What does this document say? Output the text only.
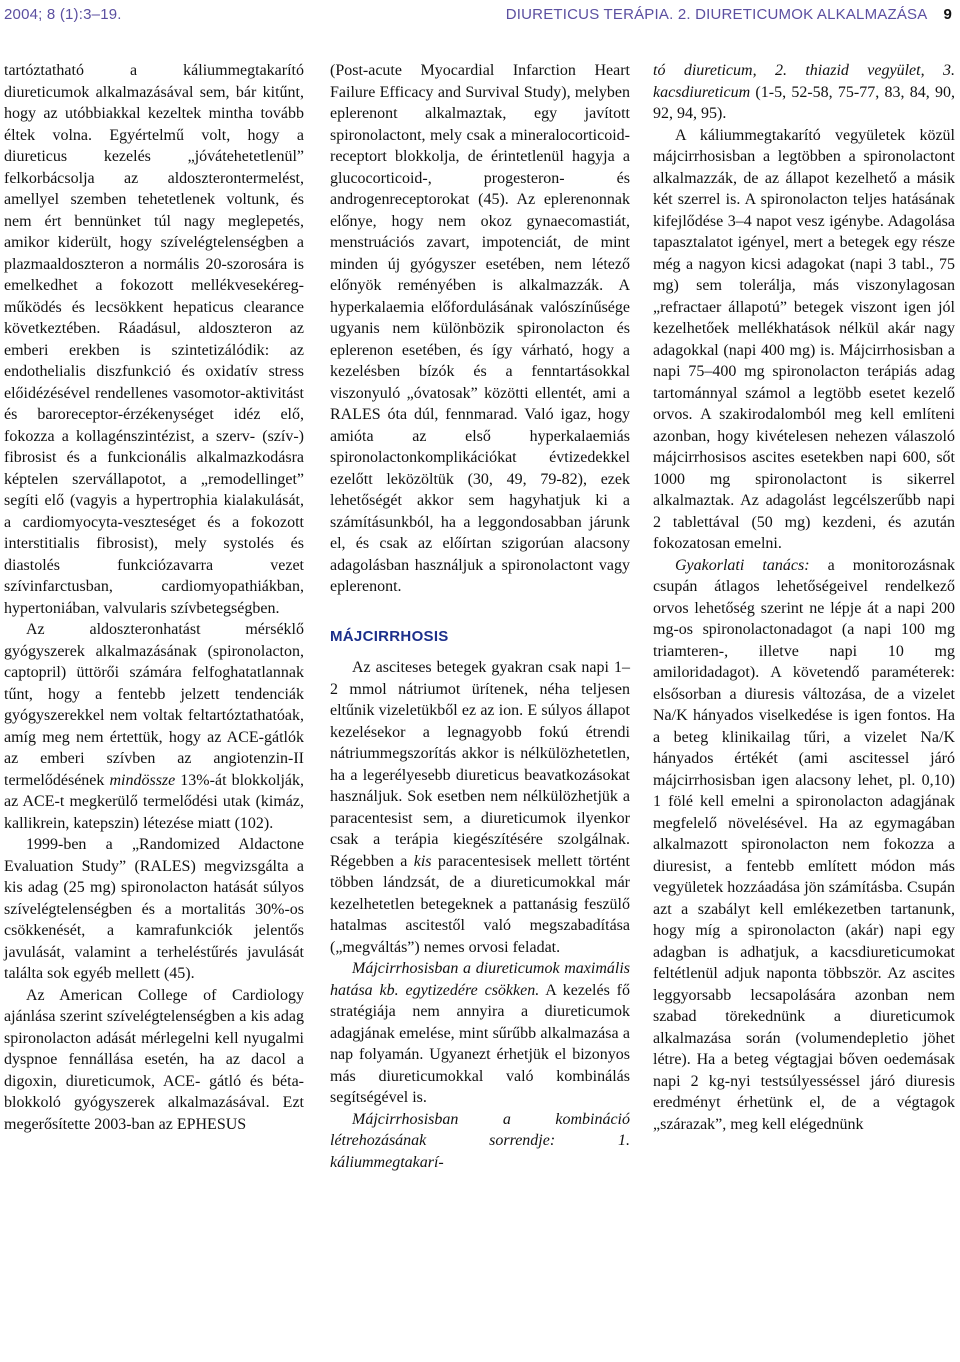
2004; 8 (1):3–19.	DIURETICUS TERÁPIA. 2. DIURETICUMOK ALKALMAZÁSA 9

tartóztatható a káliummegtakarító diureticumok alkalmazásával sem, bár kitűnt, hogy az utóbbiakkal kezeltek mintha tovább éltek volna. Egyértelmű volt, hogy a diureticus kezelés „jóvátehetetlenül” felkorbácsolja az aldoszterontermelést, amellyel szemben tehetetlenek voltunk, és nem ért bennünket túl nagy meglepetés, amikor kiderült, hogy szívelégtelenségben a plazmaaldoszteron a normális 20-szorosára is emelkedhet a fokozott mellékvesekéreg-működés és lecsökkent hepaticus clearance következtében. Ráadásul, aldoszteron az emberi erekben is szintetizálódik: az endothelialis diszfunkció és oxidatív stress előidézésével rendellenes vasomotor-aktivitást és baroreceptor-érzékenységet idéz elő, fokozza a kollagénszintézist, a szerv- (szív-) fibrosist és a funkcionális alkalmazkodásra képtelen szervállapotot, a „remodellinget” segíti elő (vagyis a hypertrophia kialakulását, a cardiomyocyta-veszteséget és a fokozott interstitialis fibrosist), mely systolés és diastolés funkciózavarra vezet szívinfarctusban, cardiomyopathiákban, hypertoniában, valvularis szívbetegségben.

Az aldoszteronhatást mérséklő gyógyszerek alkalmazásának (spironolacton, captopril) üttörői számára felfoghatatlannak tűnt, hogy a fentebb jelzett tendenciák gyógyszerekkel nem voltak feltartóztathatóak, amíg meg nem értettük, hogy az ACE-gátlók az emberi szívben az angiotenzin-II termelődésének mindössze 13%-át blokkolják, az ACE-t megkerülő termelődési utak (kimáz, kallikrein, katepszin) létezése miatt (102).

1999-ben a „Randomized Aldactone Evaluation Study” (RALES) megvizsgálta a kis adag (25 mg) spironolacton hatását súlyos szívelégtelenségben és a mortalitás 30%-os csökkenését, a kamrafunkciók jelentős javulását, valamint a terheléstűrés javulását találta sok egyéb mellett (45).

Az American College of Cardiology ajánlása szerint szívelégtelenségben a kis adag spironolacton adását mérlegelni kell nyugalmi dyspnoe fennállása esetén, ha az dacol a digoxin, diureticumok, ACE- gátló és béta-blokkoló gyógyszerek alkalmazásával. Ezt megerősítette 2003-ban az EPHESUS

(Post-acute Myocardial Infarction Heart Failure Efficacy and Survival Study), melyben eplerenont alkalmaztak, egy javított spironolactont, mely csak a mineralocorticoid-receptort blokkolja, de érintetlenül hagyja a glucocorticoid-, progesteron- és androgenreceptorokat (45). Az eplerenonnak előnye, hogy nem okoz gynaecomastiát, menstruációs zavart, impotenciát, de mint minden új gyógyszer esetében, nem létező előnyök reményében is alkalmazzák. A hyperkalaemia előfordulásának valószínűsége ugyanis nem különbözik spironolacton és eplerenon esetében, és így várható, hogy a kezelésben bízók és a fenntartásokkal viszonyuló „óvatosak” közötti ellentét, ami a RALES óta dúl, fennmarad. Való igaz, hogy amióta az első hyperkalaemiás spironolactonkomplikációkat évtizedekkel ezelőtt leközöltük (30, 49, 79-82), ezek lehetőségét akkor sem hagyhatjuk ki a számításunkból, ha a leggondosabban járunk el, és csak az előírtan szigorúan alacsony adagolásban használjuk a spironolactont vagy eplerenont.

MÁJCIRRHOSIS

Az asciteses betegek gyakran csak napi 1–2 mmol nátriumot ürítenek, néha teljesen eltűnik vizeletükből ez az ion. E súlyos állapot kezelésekor a legnagyobb fokú étrendi nátriummegszorítás akkor is nélkülözhetetlen, ha a legerélyesebb diureticus beavatkozásokat használjuk. Sok esetben nem nélkülözhetjük a paracentesist sem, a diureticumok ilyenkor csak a terápia kiegészítésére szolgálnak. Régebben a kis paracentesisek mellett történt többen lándzsát, de a diureticumokkal már kezelhetetlen betegeknek a pattanásig feszülő hatalmas ascitestől való megszabadítása („megváltás”) nemes orvosi feladat.

Májcirrhosisban a diureticumok maximális hatása kb. egytizedére csökken. A kezelés fő stratégiája nem annyira a diureticumok adagjának emelése, mint sűrűbb alkalmazása a nap folyamán. Ugyanezt érhetjük el bizonyos más diureticumokkal való kombinálás segítségével is.

Májcirrhosisban a kombináció létrehozásának sorrendje: 1. káliummegtakarí-

tó diureticum, 2. thiazid vegyület, 3. kacsdiureticum (1-5, 52-58, 75-77, 83, 84, 90, 92, 94, 95).

A káliummegtakarító vegyületek közül májcirrhosisban a legtöbben a spironolactont alkalmazzák, de az állapot kezelhető a másik két szerrel is. A spironolacton teljes hatásának kifejlődése 3–4 napot vesz igénybe. Adagolása tapasztalatot igényel, mert a betegek egy része még a nagyon kicsi adagokat (napi 3 tabl., 75 mg) sem tolerálja, más viszonylagosan „refractaer állapotú” betegek viszont igen jól kezelhetőek mellékhatások nélkül akár nagy adagokkal (napi 400 mg) is. Májcirrhosisban a napi 75–400 mg spironolacton terápiás adag tartománnyal számol a legtöbb esetet kezelő orvos. A szakirodalomból meg kell említeni azonban, hogy kivételesen nehezen válaszoló májcirrhosisos ascites esetekben napi 600, sőt 1000 mg spironolactont is sikerrel alkalmaztak. Az adagolást legcélszerűbb napi 2 tablettával (50 mg) kezdeni, és azután fokozatosan emelni.

Gyakorlati tanács: a monitorozásnak csupán átlagos lehetőségeivel rendelkező orvos lehetőség szerint ne lépje át a napi 200 mg-os spironolactonadagot (a napi 100 mg triamteren-, illetve napi 10 mg amiloridadagot). A követendő paraméterek: elsősorban a diuresis változása, de a vizelet Na/K hányados viselkedése is igen fontos. Ha a beteg klinikailag tűri, a vizelet Na/K hányados értékét (ami ascitessel járó májcirrhosisban igen alacsony lehet, pl. 0,10) 1 fölé kell emelni a spironolacton adagjának megfelelő növelésével. Ha az egymagában alkalmazott spironolacton nem fokozza a diuresist, a fentebb említett módon más vegyületek hozzáadása jön számításba. Csupán azt a szabályt kell emlékezetben tartanunk, hogy míg a spironolacton (akár) napi egy adagban is adhatjuk, a kacsdiureticumokat feltétlenül adjuk naponta többször. Az ascites leggyorsabb lecsapolására azonban nem szabad törekednünk a diureticumok alkalmazása során (volumendepletio jöhet létre). Ha a beteg végtagjai bőven oedemásak napi 2 kg-nyi testsúlyesséssel járó diuresis eredményt érhetünk el, de a végtagok „szárazak”, meg kell elégednünk
